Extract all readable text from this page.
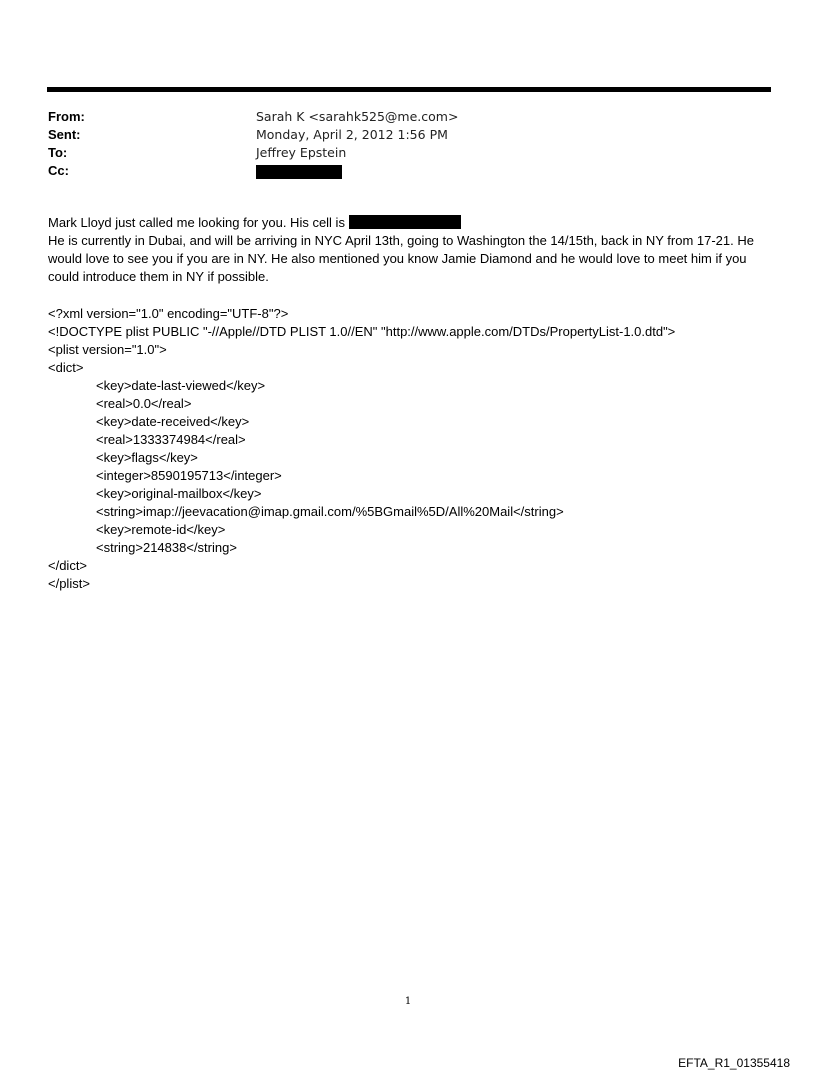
From:	Sarah K <sarahk525@me.com>
Sent:	Monday, April 2, 2012 1:56 PM
To:	Jeffrey Epstein
Cc:

Mark Lloyd just called me looking for you. His cell is

He is currently in Dubai, and will be arriving in NYC April 13th, going to Washington the 14/15th, back in NY from 17-21. He would love to see you if you are in NY. He also mentioned you know Jamie Diamond and he would love to meet him if you could introduce them in NY if possible.

<?xml version="1.0" encoding="UTF-8"?>
<!DOCTYPE plist PUBLIC "-//Apple//DTD PLIST 1.0//EN" "http://www.apple.com/DTDs/PropertyList-1.0.dtd">
<plist version="1.0">
<dict>
<key>date-last-viewed</key>
<real>0.0</real>
<key>date-received</key>
<real>1333374984</real>
<key>flags</key>
<integer>8590195713</integer>
<key>original-mailbox</key>
<string>imap://jeevacation@imap.gmail.com/%5BGmail%5D/All%20Mail</string>
<key>remote-id</key>
<string>214838</string>
</dict>
</plist>
1
EFTA_R1_01355418
